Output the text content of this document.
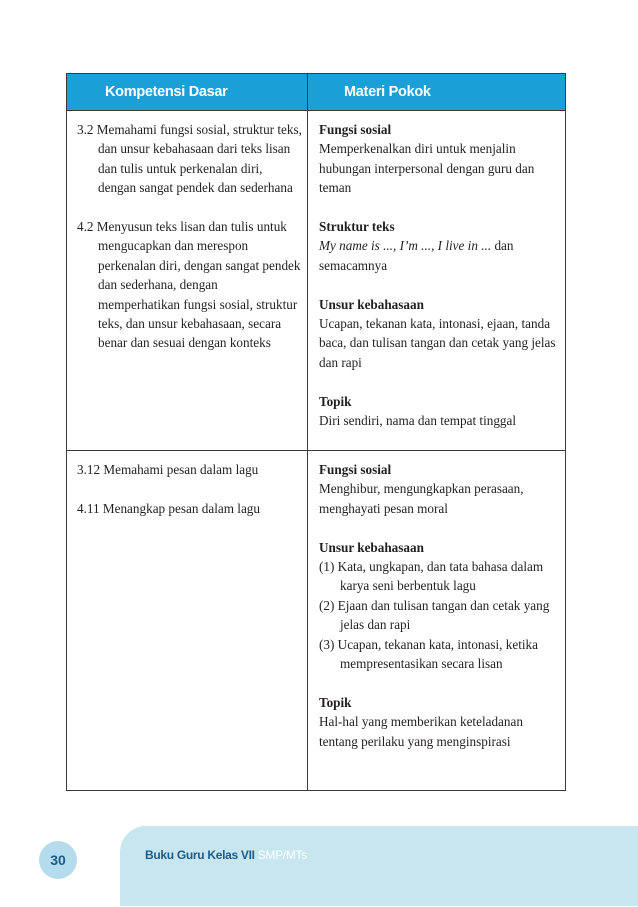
Kompetensi Dasar	Materi Pokok
3.2 Memahami fungsi sosial, struktur teks, dan unsur kebahasaan dari teks lisan dan tulis untuk perkenalan diri, dengan sangat pendek dan sederhana
4.2 Menyusun teks lisan dan tulis untuk mengucapkan dan merespon perkenalan diri, dengan sangat pendek dan sederhana, dengan memperhatikan fungsi sosial, struktur teks, dan unsur kebahasaan, secara benar dan sesuai dengan konteks
Fungsi sosial
Memperkenalkan diri untuk menjalin hubungan interpersonal dengan guru dan teman
Struktur teks
My name is ..., I’m ..., I live in ... dan semacamnya
Unsur kebahasaan
Ucapan, tekanan kata, intonasi, ejaan, tanda baca, dan tulisan tangan dan cetak yang jelas dan rapi
Topik
Diri sendiri, nama dan tempat tinggal
3.12 Memahami pesan dalam lagu
4.11 Menangkap pesan dalam lagu
Fungsi sosial
Menghibur, mengungkapkan perasaan, menghayati pesan moral
Unsur kebahasaan
(1) Kata, ungkapan, dan tata bahasa dalam karya seni berbentuk lagu
(2) Ejaan dan tulisan tangan dan cetak yang jelas dan rapi
(3) Ucapan, tekanan kata, intonasi, ketika mempresentasikan secara lisan
Topik
Hal-hal yang memberikan keteladanan tentang perilaku yang menginspirasi
30	Buku Guru Kelas VII SMP/MTs
